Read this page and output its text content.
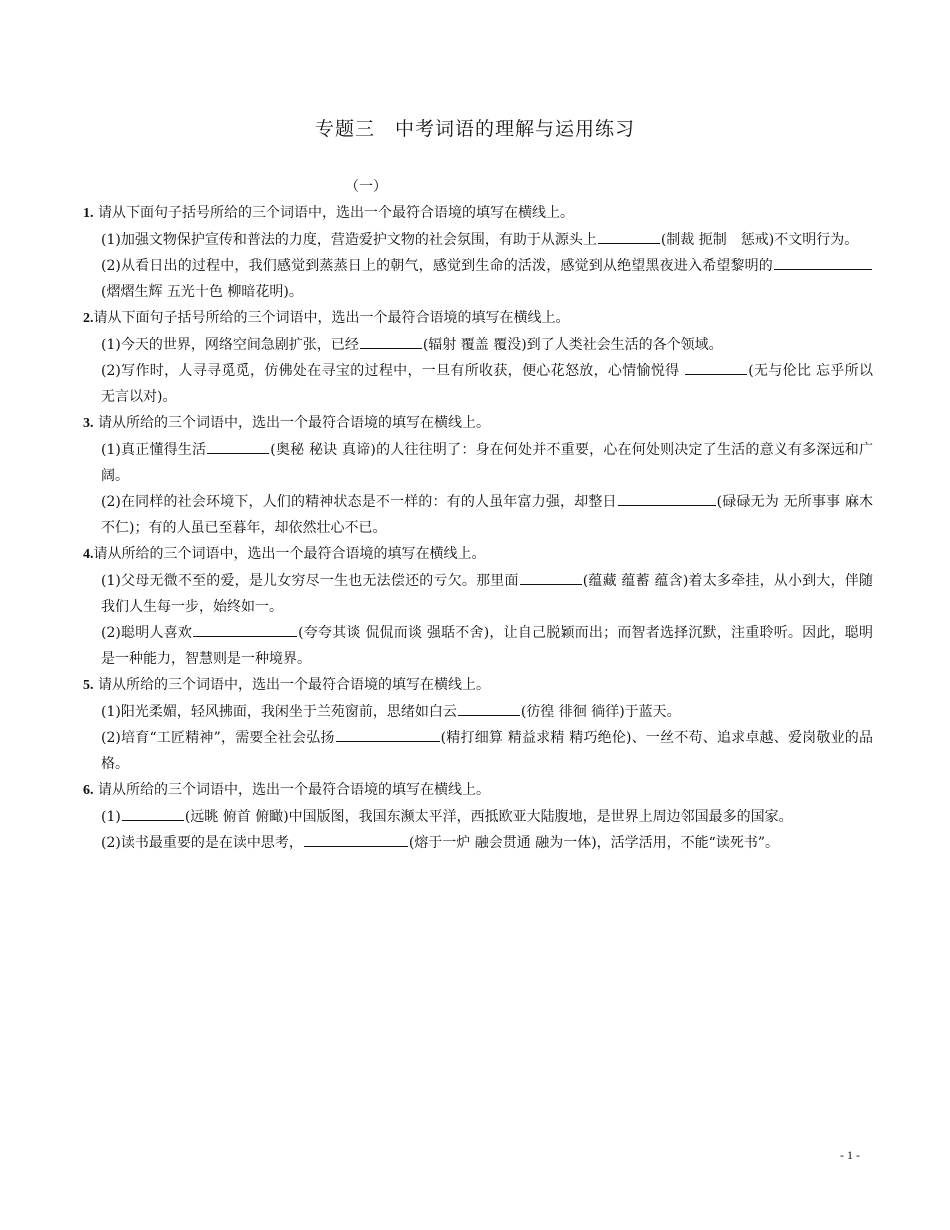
专题三　中考词语的理解与运用练习
（一）

1. 请从下面句子括号所给的三个词语中，选出一个最符合语境的填写在横线上。

(1)加强文物保护宣传和普法的力度，营造爱护文物的社会氛围，有助于从源头上	(制裁 扼制　惩戒)不文明行为。

(2)从看日出的过程中，我们感觉到蒸蒸日上的朝气，感觉到生命的活泼，感觉到从绝望黑夜进入希望黎明的(熠熠生辉 五光十色 柳暗花明)。

2.请从下面句子括号所给的三个词语中，选出一个最符合语境的填写在横线上。

(1)今天的世界，网络空间急剧扩张，已经	(辐射 覆盖 覆没)到了人类社会生活的各个领域。

(2)写作时，人寻寻觅觅，仿佛处在寻宝的过程中，一旦有所收获，便心花怒放，心情愉悦得	(无与伦比 忘乎所以 无言以对)。

3. 请从所给的三个词语中，选出一个最符合语境的填写在横线上。

(1)真正懂得生活	(奥秘 秘诀 真谛)的人往往明了：身在何处并不重要，心在何处则决定了生活的意义有多深远和广阔。

(2)在同样的社会环境下，人们的精神状态是不一样的：有的人虽年富力强，却整日	(碌碌无为 无所事事 麻木不仁)；有的人虽已至暮年，却依然壮心不已。

4.请从所给的三个词语中，选出一个最符合语境的填写在横线上。

(1)父母无微不至的爱，是儿女穷尽一生也无法偿还的亏欠。那里面	(蕴藏 蕴蓄 蕴含)着太多牵挂，从小到大，伴随我们人生每一步，始终如一。

(2)聪明人喜欢	(夸夸其谈 侃侃而谈 强聒不舍)，让自己脱颖而出；而智者选择沉默，注重聆听。因此，聪明是一种能力，智慧则是一种境界。

5. 请从所给的三个词语中，选出一个最符合语境的填写在横线上。

(1)阳光柔媚，轻风拂面，我闲坐于兰苑窗前，思绪如白云	(彷徨 徘徊 徜徉)于蓝天。

(2)培育“工匠精神”，需要全社会弘扬	(精打细算 精益求精 精巧绝伦)、一丝不苟、追求卓越、爱岗敬业的品格。

6. 请从所给的三个词语中，选出一个最符合语境的填写在横线上。

(1)	(远眺 俯首 俯瞰)中国版图，我国东濒太平洋，西抵欧亚大陆腹地，是世界上周边邻国最多的国家。

(2)读书最重要的是在读中思考，	(熔于一炉 融会贯通 融为一体)，活学活用，不能“读死书”。

- 1 -
